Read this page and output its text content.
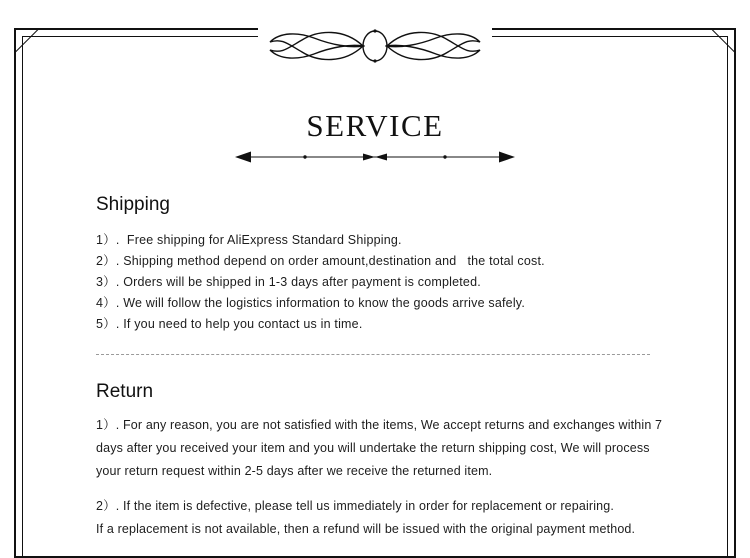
SERVICE
Shipping
1）.  Free shipping for AliExpress Standard Shipping.
2）. Shipping method depend on order amount,destination and   the total cost.
3）. Orders will be shipped in 1-3 days after payment is completed.
4）. We will follow the logistics information to know the goods arrive safely.
5）. If you need to help you contact us in time.
Return
1）. For any reason, you are not satisfied with the items, We accept returns and exchanges within 7 days after you received your item and you will undertake the return shipping cost, We will process your return request within 2-5 days after we receive the returned item.
2）. If the item is defective, please tell us immediately in order for replacement or repairing.
If a replacement is not available, then a refund will be issued with the original payment method.
